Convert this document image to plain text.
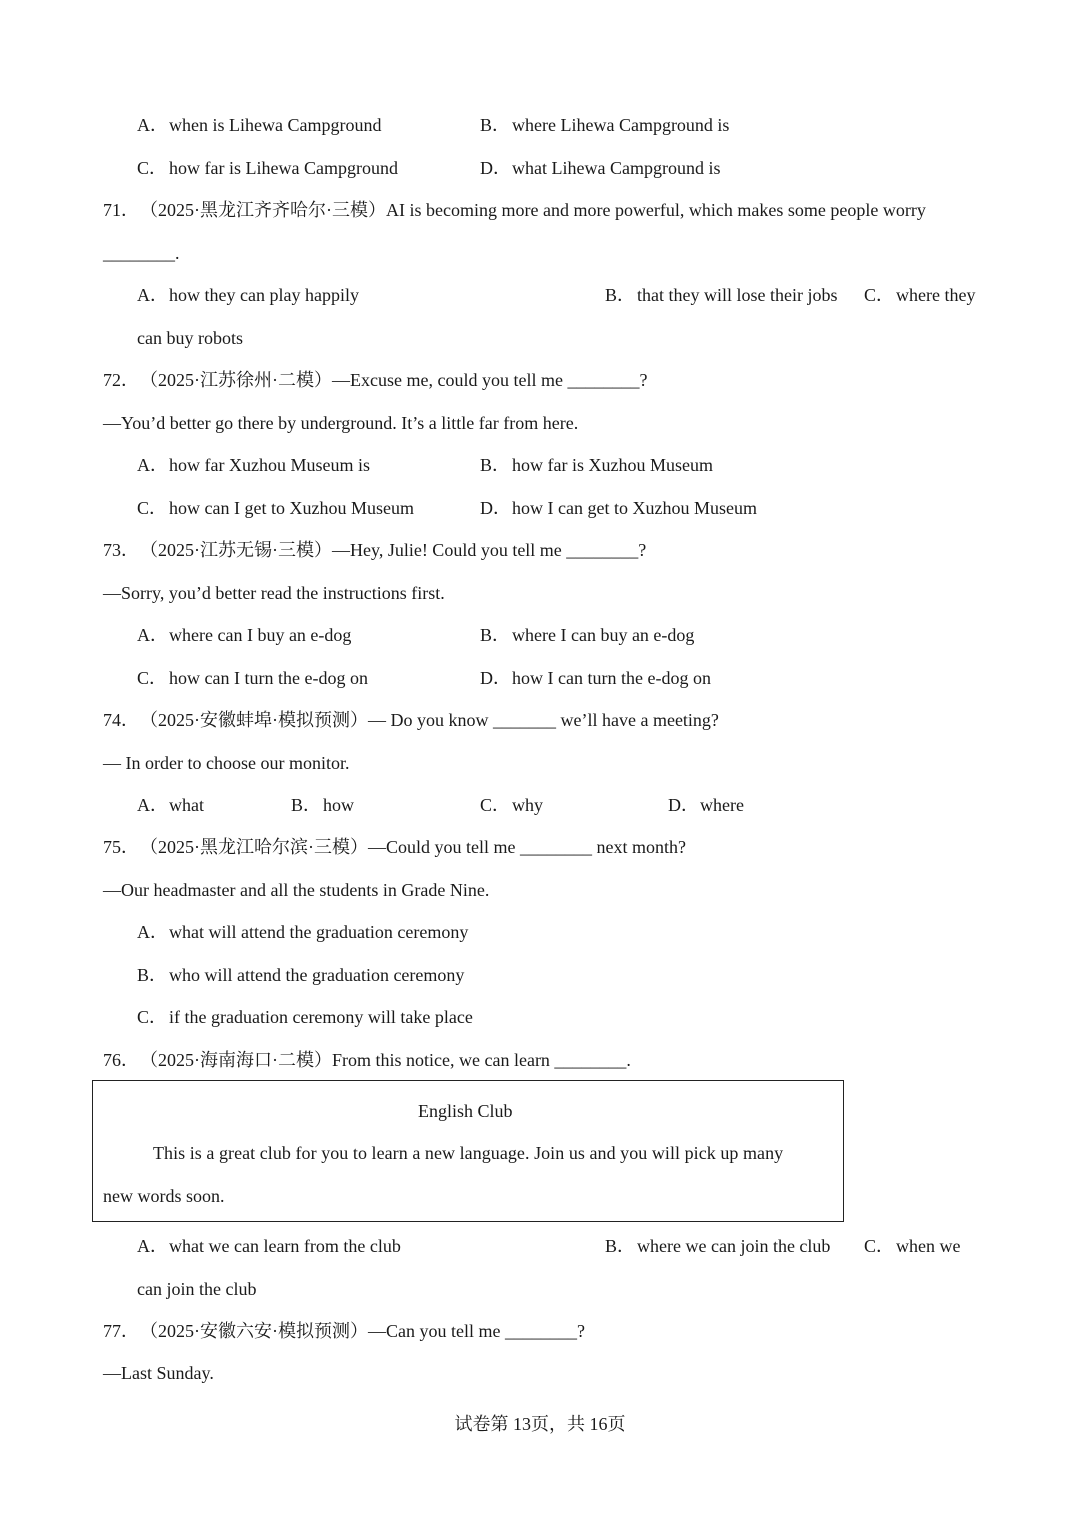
A．when is Lihewa Campground	B． where Lihewa Campground is
C． how far is Lihewa Campground	D．what Lihewa Campground is
71． （2025·黑龙江齐齐哈尔·三模）AI is becoming more and more powerful, which makes some people worry
________.
A．how they can play happily	B． that they will lose their jobs C． where they
can buy robots
72． （2025·江苏徐州·二模）—Excuse me, could you tell me ________?
—You’d better go there by underground. It’s a little far from here.
A．how far Xuzhou Museum is	B． how far is Xuzhou Museum
C． how can I get to Xuzhou Museum	D．how I can get to Xuzhou Museum
73． （2025·江苏无锡·三模）—Hey, Julie! Could you tell me ________?
—Sorry, you’d better read the instructions first.
A．where can I buy an e-dog	B． where I can buy an e-dog
C． how can I turn the e-dog on	D．how I can turn the e-dog on
74． （2025·安徽蚌埠·模拟预测）— Do you know _______ we’ll have a meeting?
— In order to choose our monitor.
A．what	B． how	C． why	D．where
75． （2025·黑龙江哈尔滨·三模）—Could you tell me ________ next month?
—Our headmaster and all the students in Grade Nine.
A．what will attend the graduation ceremony
B． who will attend the graduation ceremony
C． if the graduation ceremony will take place
76． （2025·海南海口·二模）From this notice, we can learn ________.
English Club
This is a great club for you to learn a new language. Join us and you will pick up many
new words soon.
A．what we can learn from the club	B． where we can join the club C． when we
can join the club
77． （2025·安徽六安·模拟预测）—Can you tell me ________?
—Last Sunday.
试卷第 13页，共 16页
